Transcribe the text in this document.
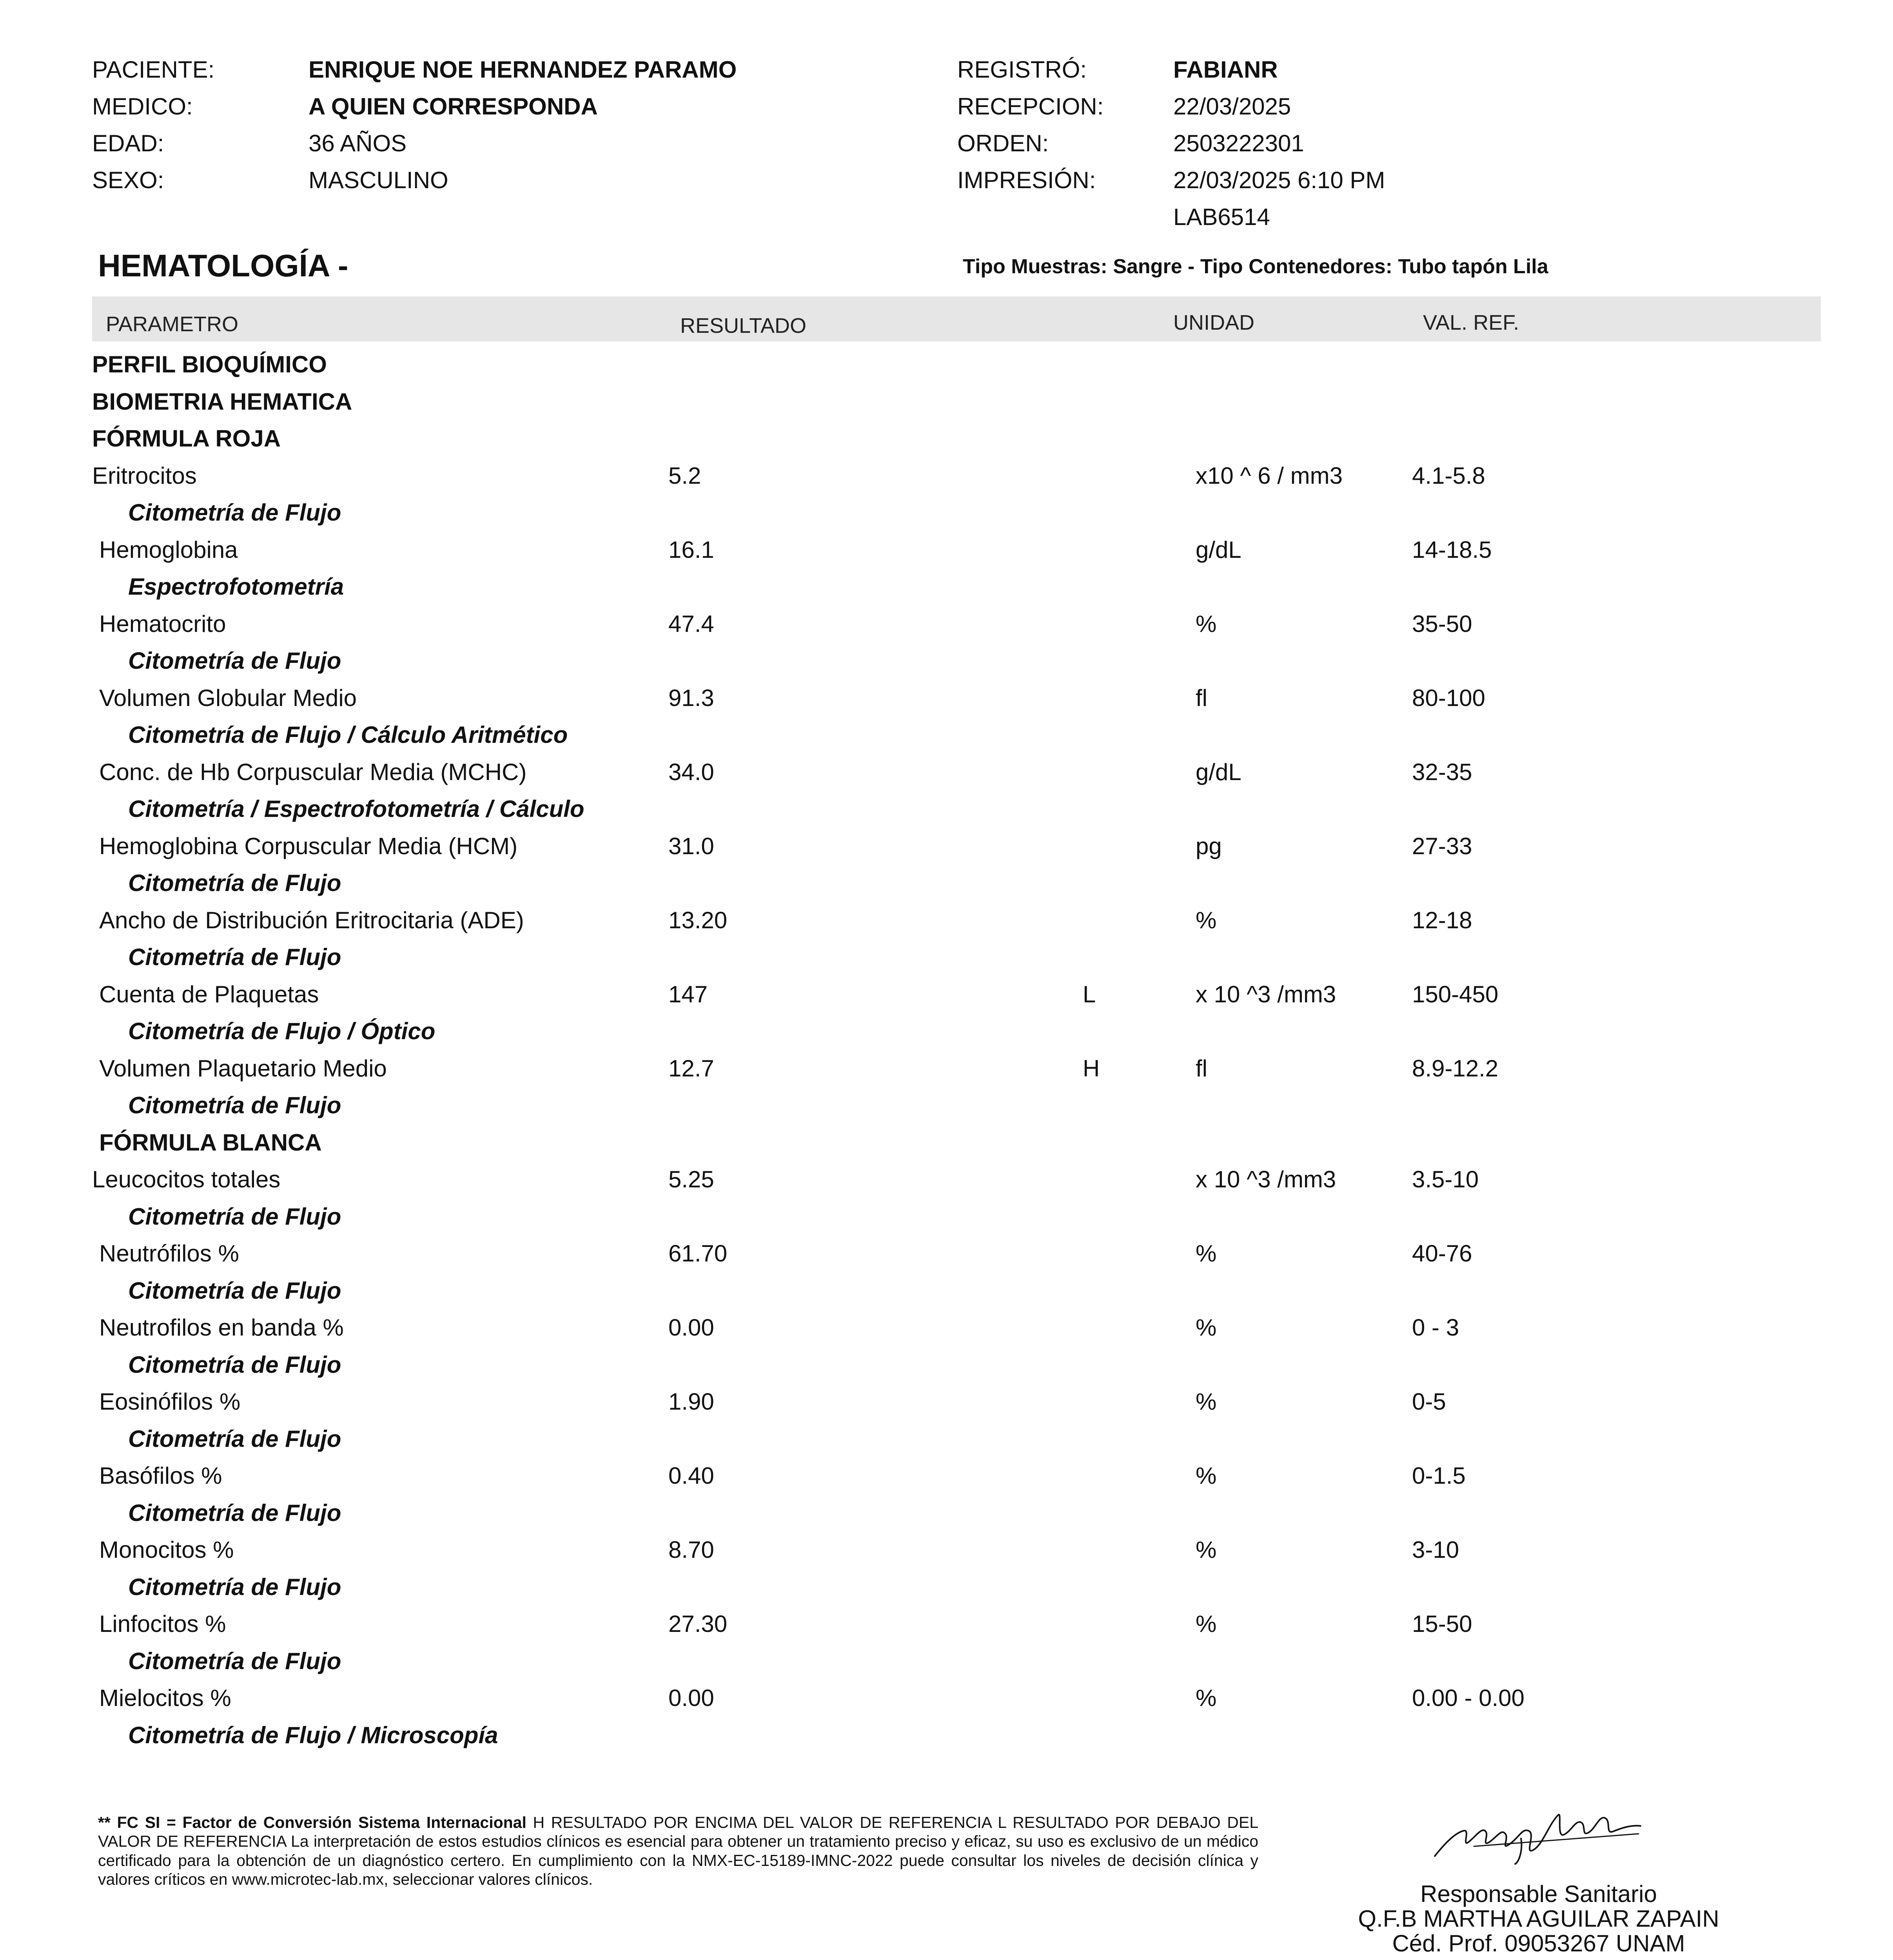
PACIENTE:	ENRIQUE NOE HERNANDEZ PARAMO
MEDICO:	A QUIEN CORRESPONDA
EDAD:	36 AÑOS
SEXO:	MASCULINO
REGISTRÓ:	FABIANR
RECEPCION:	22/03/2025
ORDEN:	2503222301
IMPRESIÓN:	22/03/2025 6:10 PM
LAB6514
HEMATOLOGÍA -	Tipo Muestras: Sangre - Tipo Contenedores: Tubo tapón Lila
PARAMETRO	RESULTADO	UNIDAD	VAL. REF.
PERFIL BIOQUÍMICO
BIOMETRIA HEMATICA
FÓRMULA ROJA
Eritrocitos	5.2	x10 ^ 6 / mm3	4.1-5.8
Citometría de Flujo
Hemoglobina	16.1	g/dL	14-18.5
Espectrofotometría
Hematocrito	47.4	%	35-50
Citometría de Flujo
Volumen Globular Medio	91.3	fl	80-100
Citometría de Flujo / Cálculo Aritmético
Conc. de Hb Corpuscular Media (MCHC)	34.0	g/dL	32-35
Citometría / Espectrofotometría / Cálculo
Hemoglobina Corpuscular Media (HCM)	31.0	pg	27-33
Citometría de Flujo
Ancho de Distribución Eritrocitaria (ADE)	13.20	%	12-18
Citometría de Flujo
Cuenta de Plaquetas	147	L	x 10 ^3 /mm3	150-450
Citometría de Flujo / Óptico
Volumen Plaquetario Medio	12.7	H	fl	8.9-12.2
Citometría de Flujo
FÓRMULA BLANCA
Leucocitos totales	5.25	x 10 ^3 /mm3	3.5-10
Citometría de Flujo
Neutrófilos %	61.70	%	40-76
Citometría de Flujo
Neutrofilos en banda %	0.00	%	0 - 3
Citometría de Flujo
Eosinófilos %	1.90	%	0-5
Citometría de Flujo
Basófilos %	0.40	%	0-1.5
Citometría de Flujo
Monocitos %	8.70	%	3-10
Citometría de Flujo
Linfocitos %	27.30	%	15-50
Citometría de Flujo
Mielocitos %	0.00	%	0.00 - 0.00
Citometría de Flujo / Microscopía
** FC SI = Factor de Conversión Sistema Internacional H RESULTADO POR ENCIMA DEL VALOR DE REFERENCIA L RESULTADO POR DEBAJO DEL VALOR DE REFERENCIA La interpretación de estos estudios clínicos es esencial para obtener un tratamiento preciso y eficaz, su uso es exclusivo de un médico certificado para la obtención de un diagnóstico certero. En cumplimiento con la NMX-EC-15189-IMNC-2022 puede consultar los niveles de decisión clínica y valores críticos en www.microtec-lab.mx, seleccionar valores clínicos.
Responsable Sanitario
Q.F.B MARTHA AGUILAR ZAPAIN
Céd. Prof. 09053267 UNAM
